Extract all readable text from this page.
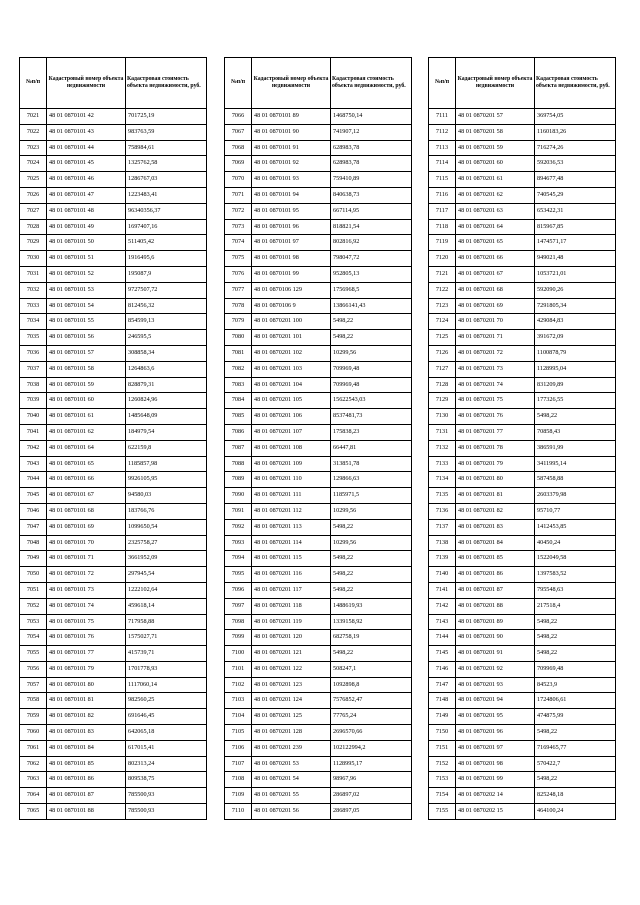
№п/п	Кадастровый номер объекта недвижимости	Кадастровая стоимость объекта недвижимости, руб.
7021	48 01 0870101 42	701725,19
7022	48 01 0870101 43	983763,59
7023	48 01 0870101 44	758984,61
7024	48 01 0870101 45	1325762,58
7025	48 01 0870101 46	1286767,03
7026	48 01 0870101 47	1223483,41
7027	48 01 0870101 48	96340356,37
7028	48 01 0870101 49	1697407,16
7029	48 01 0870101 50	511405,42
7030	48 01 0870101 51	1916495,6
7031	48 01 0870101 52	195087,9
7032	48 01 0870101 53	9727507,72
7033	48 01 0870101 54	812456,32
7034	48 01 0870101 55	854599,13
7035	48 01 0870101 56	246595,5
7036	48 01 0870101 57	308858,34
7037	48 01 0870101 58	1264863,6
7038	48 01 0870101 59	828879,31
7039	48 01 0870101 60	1260824,96
7040	48 01 0870101 61	1485648,09
7041	48 01 0870101 62	184979,54
7042	48 01 0870101 64	622159,8
7043	48 01 0870101 65	1185857,98
7044	48 01 0870101 66	9926105,95
7045	48 01 0870101 67	94580,03
7046	48 01 0870101 68	183766,76
7047	48 01 0870101 69	1099650,54
7048	48 01 0870101 70	2325758,27
7049	48 01 0870101 71	3661952,09
7050	48 01 0870101 72	297945,54
7051	48 01 0870101 73	1222102,64
7052	48 01 0870101 74	459618,14
7053	48 01 0870101 75	717958,88
7054	48 01 0870101 76	1575027,71
7055	48 01 0870101 77	415739,71
7056	48 01 0870101 79	1701778,93
7057	48 01 0870101 80	1117060,14
7058	48 01 0870101 81	982560,25
7059	48 01 0870101 82	691646,45
7060	48 01 0870101 83	642065,18
7061	48 01 0870101 84	617015,41
7062	48 01 0870101 85	802313,24
7063	48 01 0870101 86	809538,75
7064	48 01 0870101 87	785500,93
7065	48 01 0870101 88	785500,93
№п/п	Кадастровый номер объекта недвижимости	Кадастровая стоимость объекта недвижимости, руб.
7066	48 01 0870101 89	1468750,14
7067	48 01 0870101 90	741907,12
7068	48 01 0870101 91	628983,78
7069	48 01 0870101 92	628983,78
7070	48 01 0870101 93	759410,89
7071	48 01 0870101 94	840638,73
7072	48 01 0870101 95	667114,95
7073	48 01 0870101 96	818821,54
7074	48 01 0870101 97	802816,92
7075	48 01 0870101 98	798047,72
7076	48 01 0870101 99	952805,13
7077	48 01 0870106 129	1756968,5
7078	48 01 0870106 9	13866141,43
7079	48 01 0870201 100	5498,22
7080	48 01 0870201 101	5498,22
7081	48 01 0870201 102	10299,56
7082	48 01 0870201 103	709969,48
7083	48 01 0870201 104	709969,48
7084	48 01 0870201 105	15622543,03
7085	48 01 0870201 106	8537481,73
7086	48 01 0870201 107	175838,23
7087	48 01 0870201 108	66447,81
7088	48 01 0870201 109	313851,78
7089	48 01 0870201 110	129866,63
7090	48 01 0870201 111	1185971,5
7091	48 01 0870201 112	10299,56
7092	48 01 0870201 113	5498,22
7093	48 01 0870201 114	10299,56
7094	48 01 0870201 115	5498,22
7095	48 01 0870201 116	5498,22
7096	48 01 0870201 117	5498,22
7097	48 01 0870201 118	1488619,93
7098	48 01 0870201 119	1339158,92
7099	48 01 0870201 120	682758,19
7100	48 01 0870201 121	5498,22
7101	48 01 0870201 122	508247,1
7102	48 01 0870201 123	1092898,8
7103	48 01 0870201 124	7576852,47
7104	48 01 0870201 125	77765,24
7105	48 01 0870201 128	2696570,66
7106	48 01 0870201 239	102122994,2
7107	48 01 0870201 53	1128995,17
7108	48 01 0870201 54	98967,96
7109	48 01 0870201 55	286897,02
7110	48 01 0870201 56	286897,05
№п/п	Кадастровый номер объекта недвижимости	Кадастровая стоимость объекта недвижимости, руб.
7111	48 01 0870201 57	369754,05
7112	48 01 0870201 58	1160183,26
7113	48 01 0870201 59	716274,26
7114	48 01 0870201 60	592036,53
7115	48 01 0870201 61	894677,48
7116	48 01 0870201 62	740545,29
7117	48 01 0870201 63	653422,31
7118	48 01 0870201 64	815967,85
7119	48 01 0870201 65	1474571,17
7120	48 01 0870201 66	949021,48
7121	48 01 0870201 67	1053721,01
7122	48 01 0870201 68	592090,26
7123	48 01 0870201 69	7291805,34
7124	48 01 0870201 70	429084,83
7125	48 01 0870201 71	391672,09
7126	48 01 0870201 72	1100878,79
7127	48 01 0870201 73	1128995,04
7128	48 01 0870201 74	831209,89
7129	48 01 0870201 75	177326,55
7130	48 01 0870201 76	5498,22
7131	48 01 0870201 77	70858,43
7132	48 01 0870201 78	386591,99
7133	48 01 0870201 79	3411995,14
7134	48 01 0870201 80	587458,88
7135	48 01 0870201 81	2603379,98
7136	48 01 0870201 82	95710,77
7137	48 01 0870201 83	1412453,85
7138	48 01 0870201 84	40450,24
7139	48 01 0870201 85	1522049,58
7140	48 01 0870201 86	1397583,52
7141	48 01 0870201 87	795548,63
7142	48 01 0870201 88	217518,4
7143	48 01 0870201 89	5498,22
7144	48 01 0870201 90	5498,22
7145	48 01 0870201 91	5498,22
7146	48 01 0870201 92	709969,48
7147	48 01 0870201 93	84523,9
7148	48 01 0870201 94	1724806,61
7149	48 01 0870201 95	474875,99
7150	48 01 0870201 96	5498,22
7151	48 01 0870201 97	7169465,77
7152	48 01 0870201 98	570422,7
7153	48 01 0870201 99	5498,22
7154	48 01 0870202 14	825248,18
7155	48 01 0870202 15	464100,24
